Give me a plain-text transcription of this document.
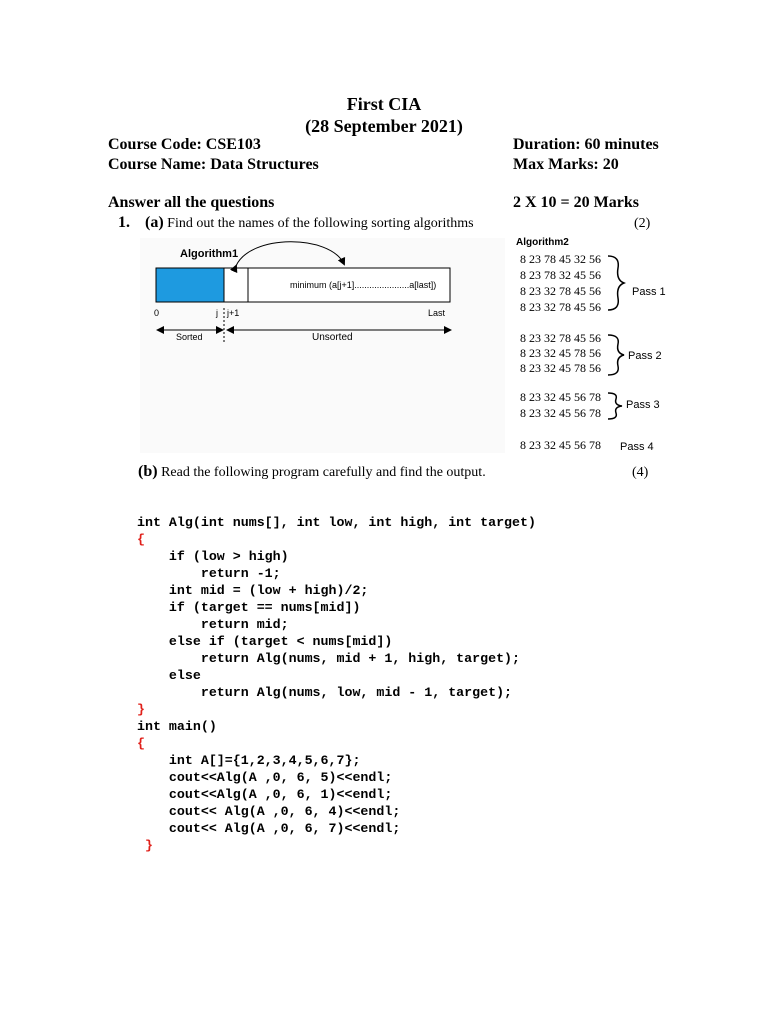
First CIA
(28 September 2021)
Course Code: CSE103	Duration: 60 minutes
Course Name: Data Structures	Max Marks: 20
Answer all the questions	2 X 10 = 20 Marks
1. (a) Find out the names of the following sorting algorithms	(2)
Algorithm1
minimum (a[j+1]......................a[last])
0	j j+1	Last
Sorted	Unsorted
Algorithm2
8 23 78 45 32 56
8 23 78 32 45 56
8 23 32 78 45 56
8 23 32 78 45 56
Pass 1
8 23 32 78 45 56
8 23 32 45 78 56
8 23 32 45 78 56
Pass 2
8 23 32 45 56 78
8 23 32 45 56 78
Pass 3
8 23 32 45 56 78 Pass 4
(b) Read the following program carefully and find the output.	(4)

int Alg(int nums[], int low, int high, int target)
{
if (low > high)
return -1;
int mid = (low + high)/2;
if (target == nums[mid])
return mid;
else if (target < nums[mid])
return Alg(nums, mid + 1, high, target);
else
return Alg(nums, low, mid - 1, target);
}
int main()
{
int A[]={1,2,3,4,5,6,7};
cout<<Alg(A ,0, 6, 5)<<endl;
cout<<Alg(A ,0, 6, 1)<<endl;
cout<< Alg(A ,0, 6, 4)<<endl;
cout<< Alg(A ,0, 6, 7)<<endl;
}
